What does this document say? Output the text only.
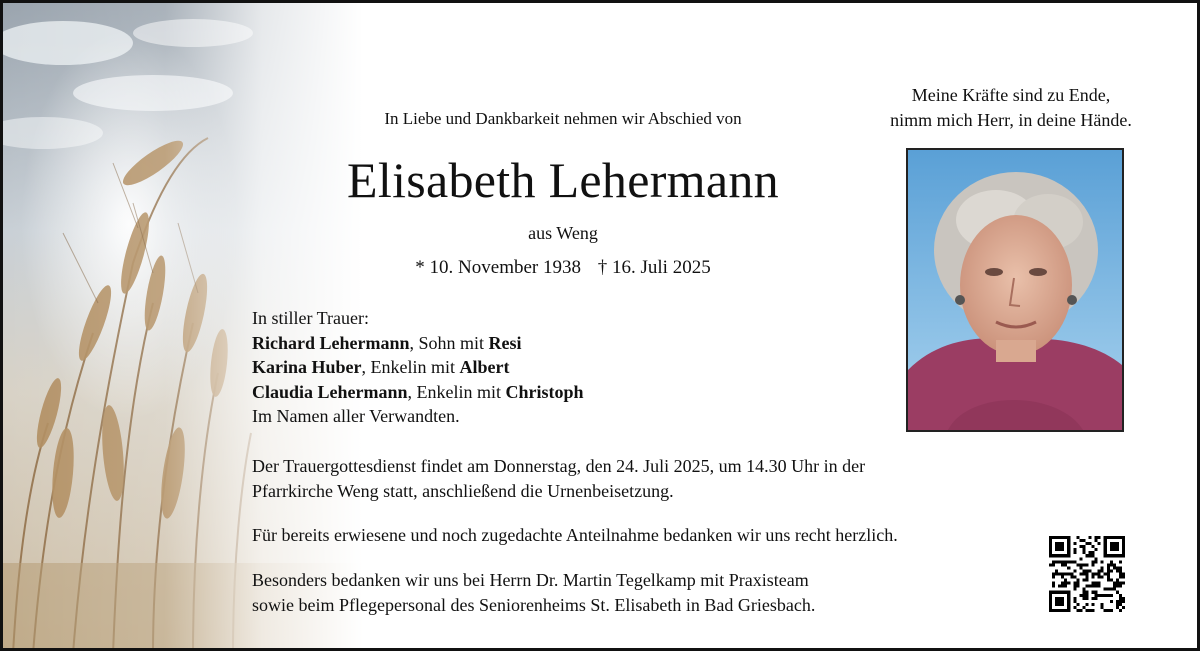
In Liebe und Dankbarkeit nehmen wir Abschied von
Elisabeth Lehermann
aus Weng
* 10. November 1938 † 16. Juli 2025
Meine Kräfte sind zu Ende,
nimm mich Herr, in deine Hände.
In stiller Trauer:
Richard Lehermann, Sohn mit Resi
Karina Huber, Enkelin mit Albert
Claudia Lehermann, Enkelin mit Christoph
Im Namen aller Verwandten.
Der Trauergottesdienst findet am Donnerstag, den 24. Juli 2025, um 14.30 Uhr in der
Pfarrkirche Weng statt, anschließend die Urnenbeisetzung.
Für bereits erwiesene und noch zugedachte Anteilnahme bedanken wir uns recht herzlich.
Besonders bedanken wir uns bei Herrn Dr. Martin Tegelkamp mit Praxisteam
sowie beim Pflegepersonal des Seniorenheims St. Elisabeth in Bad Griesbach.
